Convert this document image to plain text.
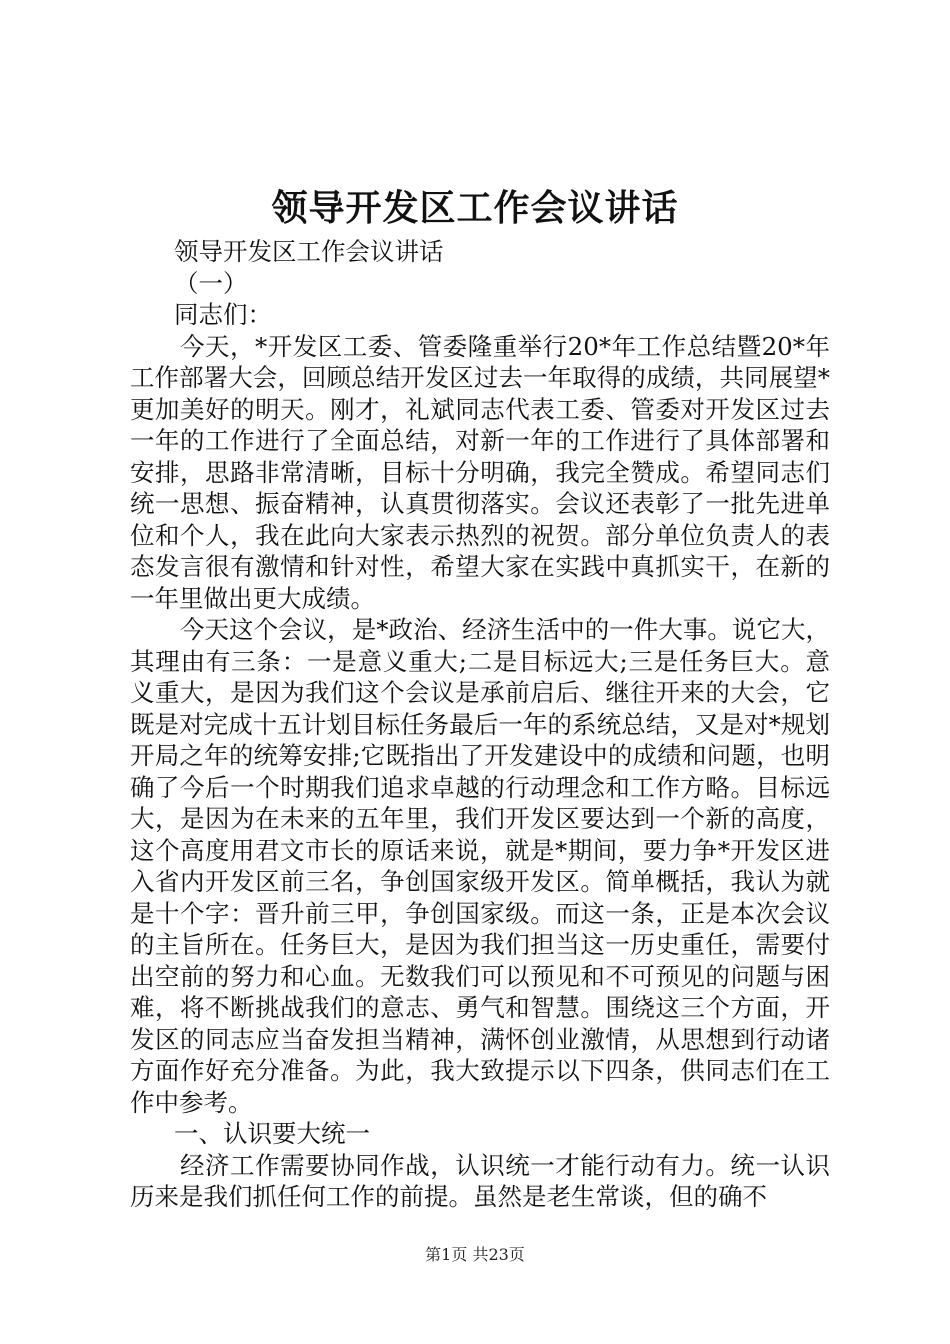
领导开发区工作会议讲话

领导开发区工作会议讲话

（一）

同志们：

今天，*开发区工委、管委隆重举行20*年工作总结暨20*年工作部署大会，回顾总结开发区过去一年取得的成绩，共同展望*更加美好的明天。刚才，礼斌同志代表工委、管委对开发区过去一年的工作进行了全面总结，对新一年的工作进行了具体部署和安排，思路非常清晰，目标十分明确，我完全赞成。希望同志们统一思想、振奋精神，认真贯彻落实。会议还表彰了一批先进单位和个人，我在此向大家表示热烈的祝贺。部分单位负责人的表态发言很有激情和针对性，希望大家在实践中真抓实干，在新的一年里做出更大成绩。

今天这个会议，是*政治、经济生活中的一件大事。说它大，其理由有三条：一是意义重大;二是目标远大;三是任务巨大。意义重大，是因为我们这个会议是承前启后、继往开来的大会，它既是对完成十五计划目标任务最后一年的系统总结，又是对*规划开局之年的统筹安排;它既指出了开发建设中的成绩和问题，也明确了今后一个时期我们追求卓越的行动理念和工作方略。目标远大，是因为在未来的五年里，我们开发区要达到一个新的高度，这个高度用君文市长的原话来说，就是*期间，要力争*开发区进入省内开发区前三名，争创国家级开发区。简单概括，我认为就是十个字：晋升前三甲，争创国家级。而这一条，正是本次会议的主旨所在。任务巨大，是因为我们担当这一历史重任，需要付出空前的努力和心血。无数我们可以预见和不可预见的问题与困难，将不断挑战我们的意志、勇气和智慧。围绕这三个方面，开发区的同志应当奋发担当精神，满怀创业激情，从思想到行动诸方面作好充分准备。为此，我大致提示以下四条，供同志们在工作中参考。

一、认识要大统一

经济工作需要协同作战，认识统一才能行动有力。统一认识历来是我们抓任何工作的前提。虽然是老生常谈，但的确不

第1页 共23页
